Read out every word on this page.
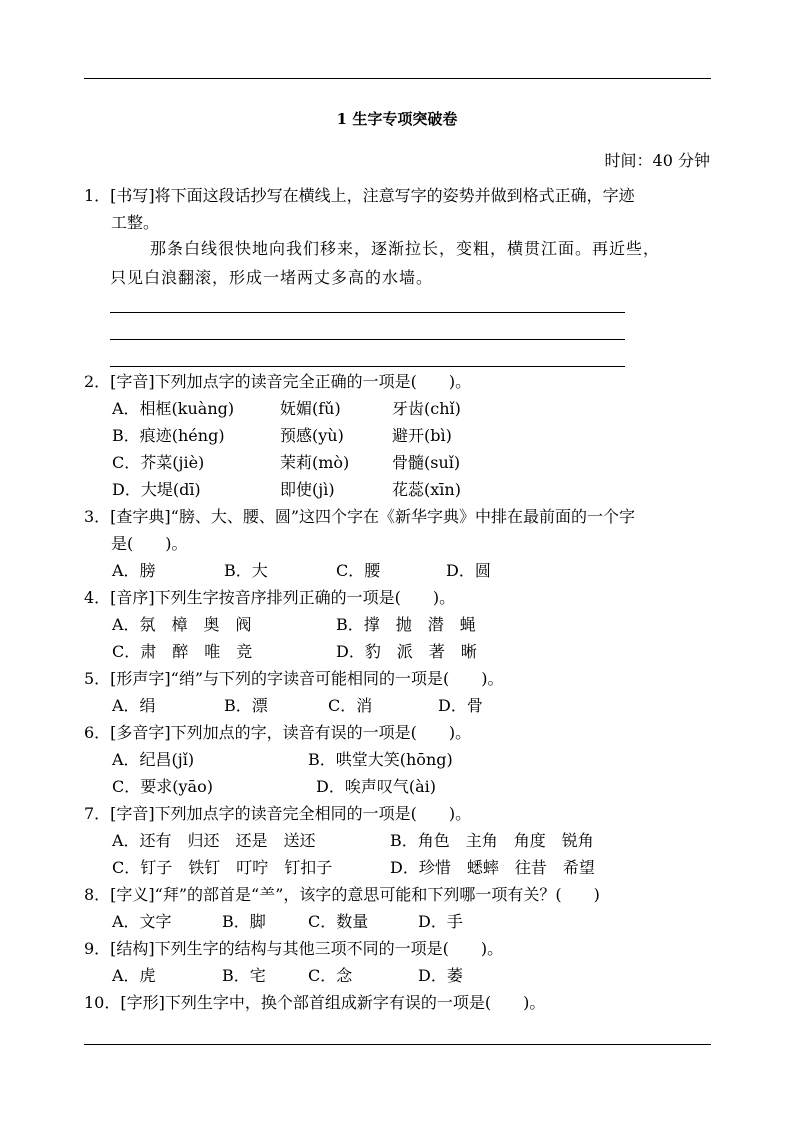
1 生字专项突破卷
时间：40 分钟
1．[书写]将下面这段话抄写在横线上，注意写字的姿势并做到格式正确，字迹
工整。
那条白线很快地向我们移来，逐渐拉长，变粗，横贯江面。再近些，
只见白浪翻滚，形成一堵两丈多高的水墙。
2．[字音]下列加点字的读音完全正确的一项是(　　)。
A．相框(kuàng)	妩媚(fǔ)	牙齿(chǐ)
B．痕迹(héng)	预感(yù)	避开(bì)
C．芥菜(jiè)	茉莉(mò)	骨髓(suǐ)
D．大堤(dī)	即使(jì)	花蕊(xīn)
3．[查字典]“膀、大、腰、圆”这四个字在《新华字典》中排在最前面的一个字
是(　　)。
A．膀	B．大	C．腰	D．圆
4．[音序]下列生字按音序排列正确的一项是(　　)。
A．氛　樟　奥　阀	B．撑　抛　潜　蝇
C．肃　醉　唯　竞	D．豹　派　著　晰
5．[形声字]“绡”与下列的字读音可能相同的一项是(　　)。
A．绢	B．漂	C．消	D．骨
6．[多音字]下列加点的字，读音有误的一项是(　　)。
A．纪昌(jǐ)	B．哄堂大笑(hōng)
C．要求(yāo)	D．唉声叹气(ài)
7．[字音]下列加点字的读音完全相同的一项是(　　)。
A．还有　归还　还是　送还	B．角色　主角　角度　锐角
C．钉子　铁钉　叮咛　钉扣子	D．珍惜　蟋蟀　往昔　希望
8．[字义]“拜”的部首是“⺷”，该字的意思可能和下列哪一项有关？(　　)
A．文字	B．脚	C．数量	D．手
9．[结构]下列生字的结构与其他三项不同的一项是(　　)。
A．虎	B．宅	C．念	D．萎
10．[字形]下列生字中，换个部首组成新字有误的一项是(　　)。
